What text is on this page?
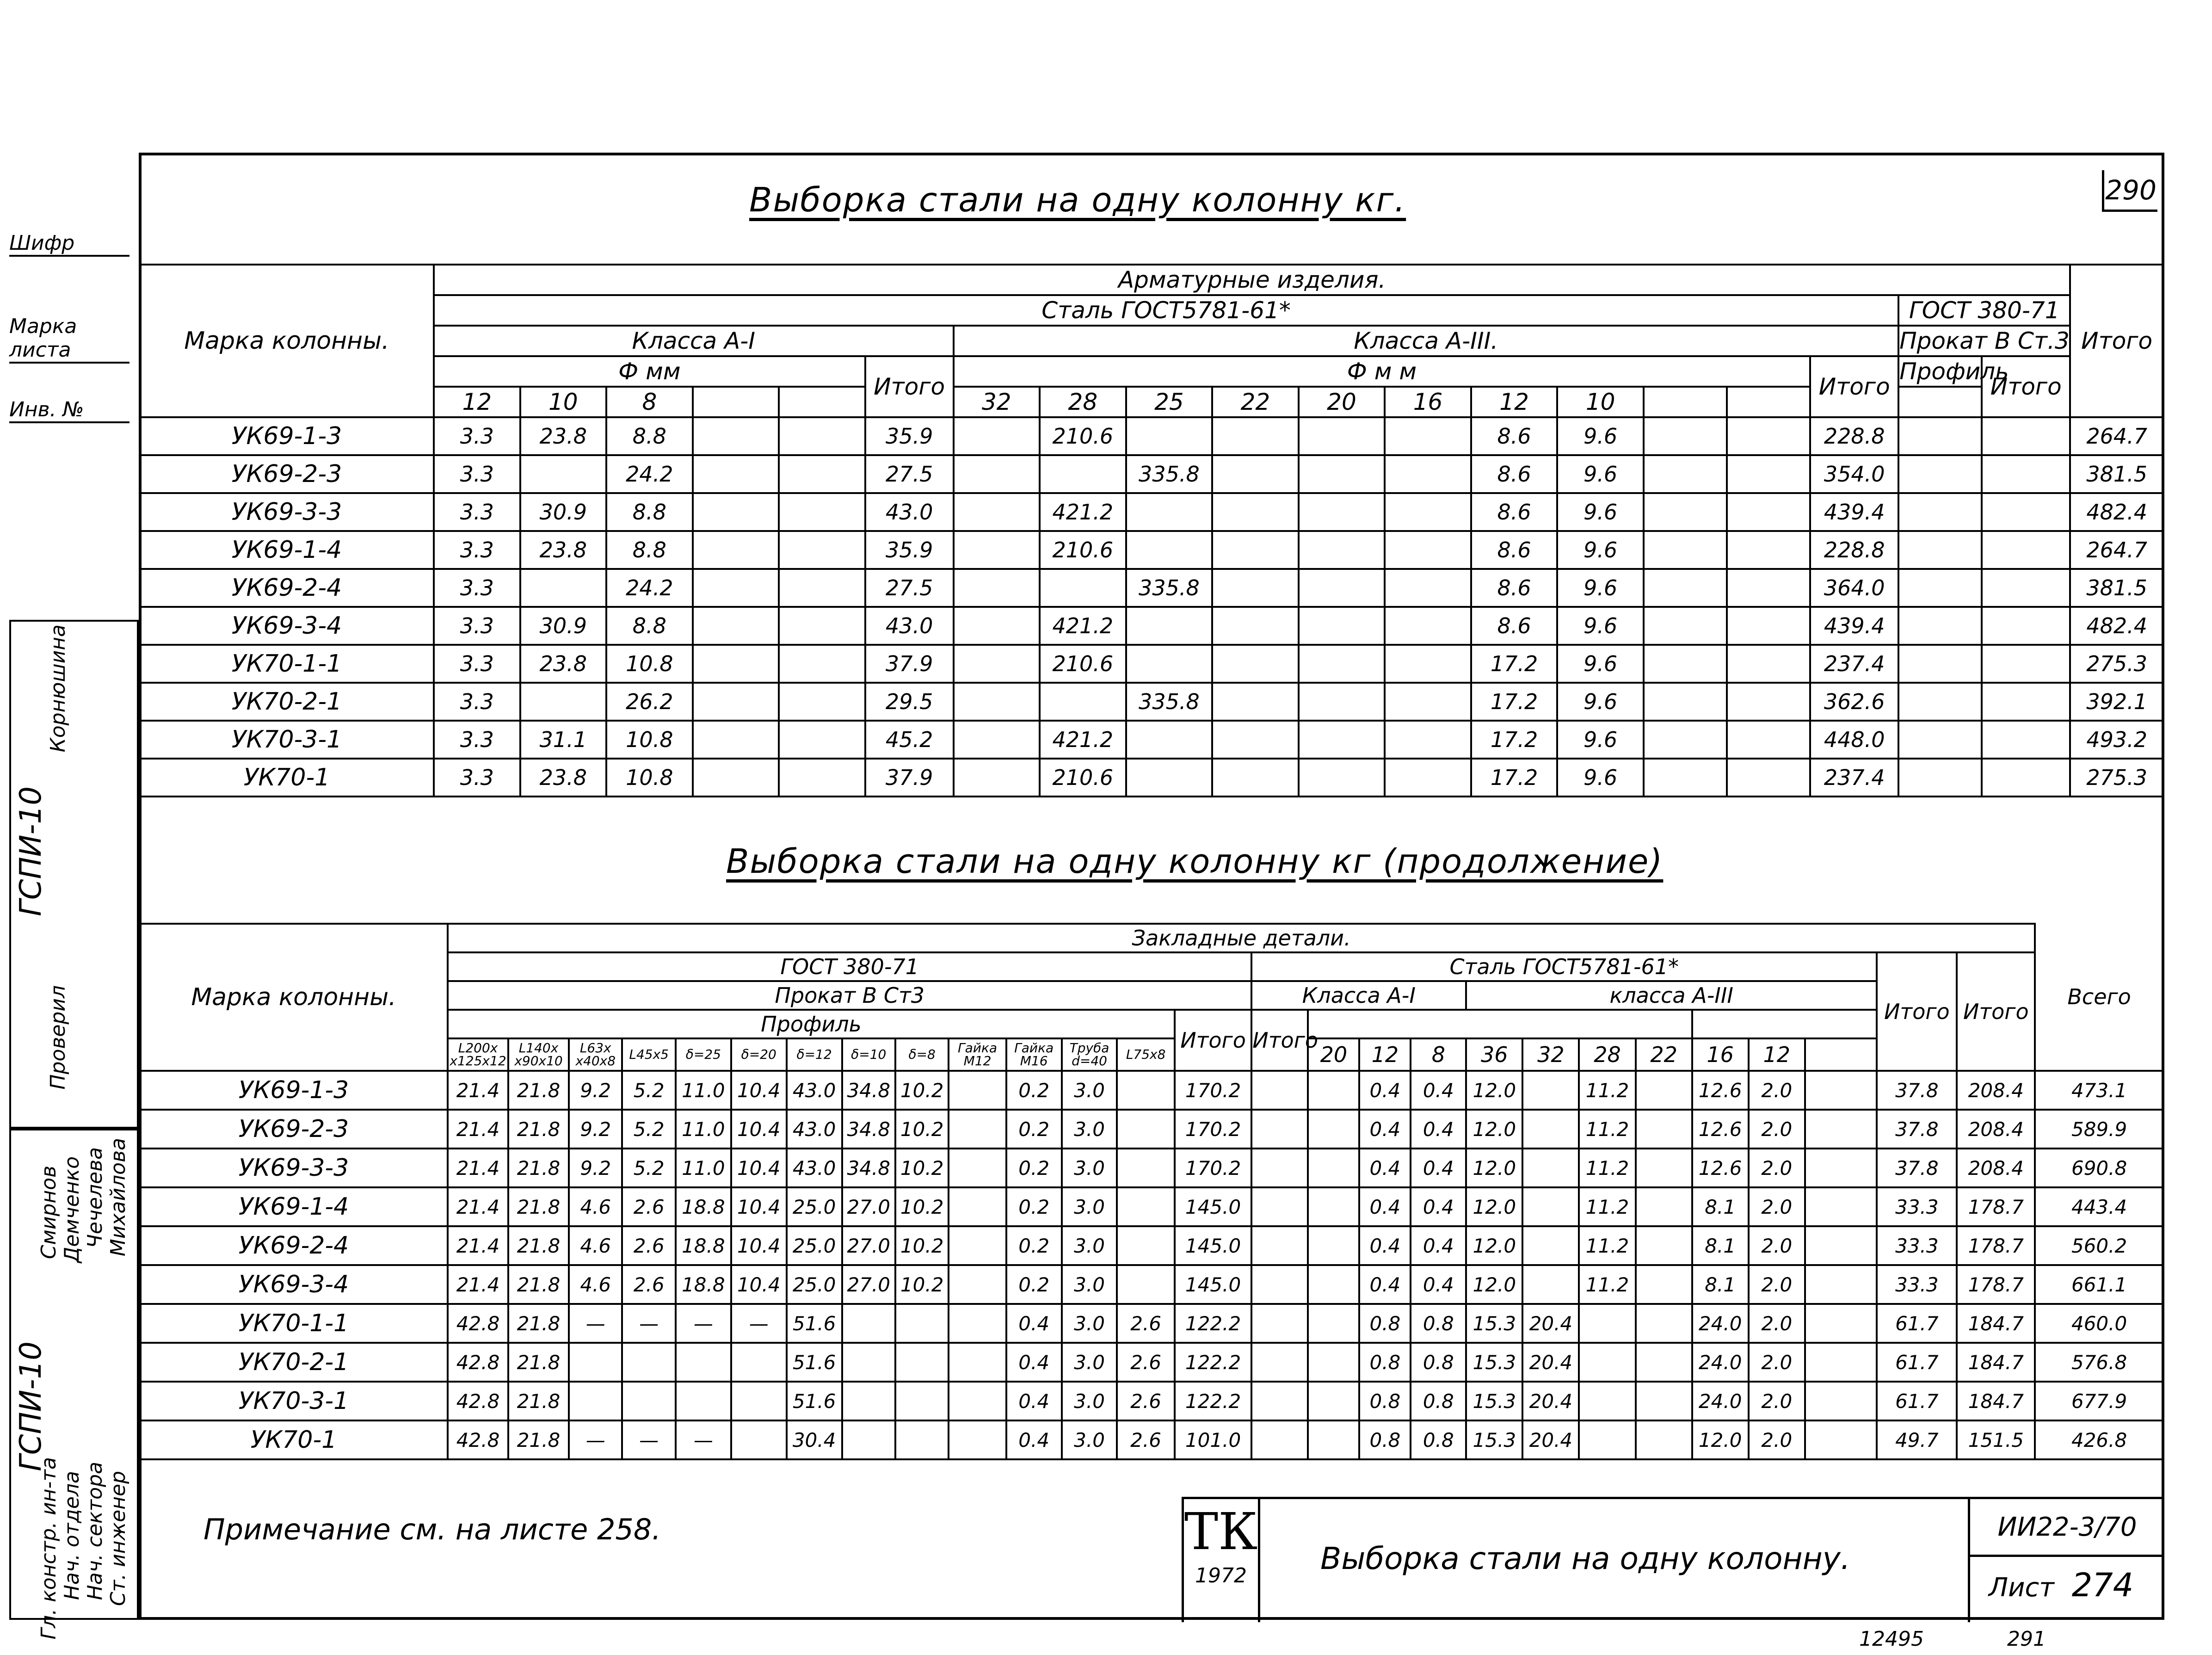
290
Выборка стали на одну колонну кг.
Шифр
Марка листа
Инв. №
ГСПИ-10
Проверил
Корнюшина
ГСПИ-10
Гл. констр. ин-та Нач. отдела Нач. сектора Ст. инженер
Смирнов Демченко Чечелева Михайлова
Марка колонны.	Арматурные изделия.																			Итого
	Сталь ГОСТ5781-61*																	ГОСТ 380-71		
	Класса А-I						Класса А-III.											Прокат В Ст.3		
	Ф мм					Итого	Ф м м										Итого	Профиль	Итого	
	12	10	8				32	28	25	22	20	16	12	10						
УК69-1-3	3.3	23.8	8.8			35.9		210.6					8.6	9.6			228.8			264.7
УК69-2-3	3.3		24.2			27.5			335.8				8.6	9.6			354.0			381.5
УК69-3-3	3.3	30.9	8.8			43.0		421.2					8.6	9.6			439.4			482.4
УК69-1-4	3.3	23.8	8.8			35.9		210.6					8.6	9.6			228.8			264.7
УК69-2-4	3.3		24.2			27.5			335.8				8.6	9.6			364.0			381.5
УК69-3-4	3.3	30.9	8.8			43.0		421.2					8.6	9.6			439.4			482.4
УК70-1-1	3.3	23.8	10.8			37.9		210.6					17.2	9.6			237.4			275.3
УК70-2-1	3.3		26.2			29.5			335.8				17.2	9.6			362.6			392.1
УК70-3-1	3.3	31.1	10.8			45.2		421.2					17.2	9.6			448.0			493.2
УК70-1	3.3	23.8	10.8			37.9		210.6					17.2	9.6			237.4			275.3
Выборка стали на одну колонну кг (продолжение)
Марка колонны.	Закладные детали.																											Всего
	ГОСТ 380-71														Сталь ГОСТ5781-61*											Итого	Итого	
	Прокат В Ст3														Класса А-I				класса А-III									
	Профиль													Итого	Итого													
	L200x x125x12	L140x x90x10	L63x x40x8	L45x5	δ=25	δ=20	δ=12	δ=10	δ=8	Гайка M12	Гайка M16	Труба d=40	L75x8			20	12	8	36	32	28	22	16	12				
УК69-1-3	21.4	21.8	9.2	5.2	11.0	10.4	43.0	34.8	10.2		0.2	3.0		170.2			0.4	0.4	12.0		11.2		12.6	2.0		37.8	208.4	473.1
УК69-2-3	21.4	21.8	9.2	5.2	11.0	10.4	43.0	34.8	10.2		0.2	3.0		170.2			0.4	0.4	12.0		11.2		12.6	2.0		37.8	208.4	589.9
УК69-3-3	21.4	21.8	9.2	5.2	11.0	10.4	43.0	34.8	10.2		0.2	3.0		170.2			0.4	0.4	12.0		11.2		12.6	2.0		37.8	208.4	690.8
УК69-1-4	21.4	21.8	4.6	2.6	18.8	10.4	25.0	27.0	10.2		0.2	3.0		145.0			0.4	0.4	12.0		11.2		8.1	2.0		33.3	178.7	443.4
УК69-2-4	21.4	21.8	4.6	2.6	18.8	10.4	25.0	27.0	10.2		0.2	3.0		145.0			0.4	0.4	12.0		11.2		8.1	2.0		33.3	178.7	560.2
УК69-3-4	21.4	21.8	4.6	2.6	18.8	10.4	25.0	27.0	10.2		0.2	3.0		145.0			0.4	0.4	12.0		11.2		8.1	2.0		33.3	178.7	661.1
УК70-1-1	42.8	21.8	—	—	—	—	51.6				0.4	3.0	2.6	122.2			0.8	0.8	15.3	20.4			24.0	2.0		61.7	184.7	460.0
УК70-2-1	42.8	21.8					51.6				0.4	3.0	2.6	122.2			0.8	0.8	15.3	20.4			24.0	2.0		61.7	184.7	576.8
УК70-3-1	42.8	21.8					51.6				0.4	3.0	2.6	122.2			0.8	0.8	15.3	20.4			24.0	2.0		61.7	184.7	677.9
УК70-1	42.8	21.8	—	—	—		30.4				0.4	3.0	2.6	101.0			0.8	0.8	15.3	20.4			12.0	2.0		49.7	151.5	426.8
Примечание см. на листе 258.	ТК
1972	Выборка стали на одну колонну.
ИИ22-3/70
Лист 274
12495	291
